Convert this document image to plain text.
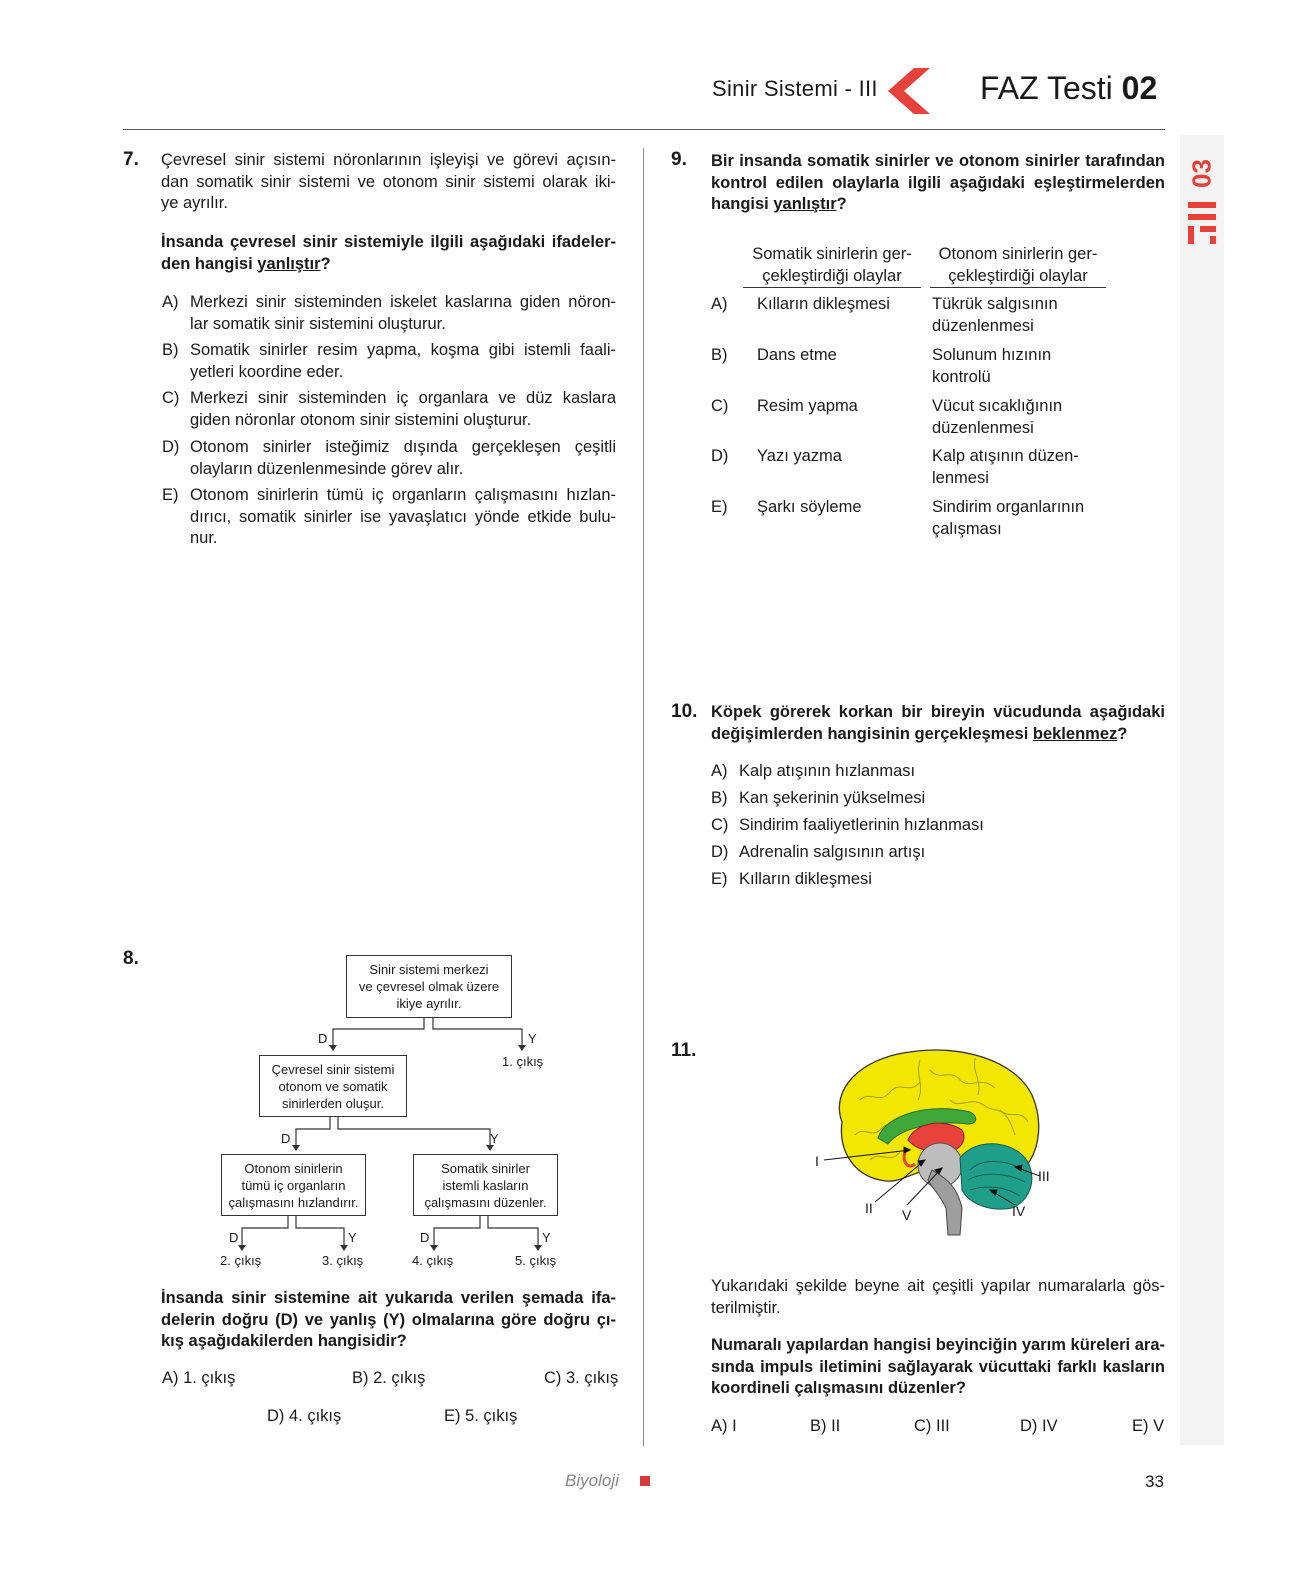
Sinir Sistemi - III	FAZ Testi 02
03
7. Çevresel sinir sistemi nöronlarının işleyişi ve görevi açısın-
dan somatik sinir sistemi ve otonom sinir sistemi olarak iki-
ye ayrılır.
İnsanda çevresel sinir sistemiyle ilgili aşağıdaki ifadeler-
den hangisi yanlıştır?
A) Merkezi sinir sisteminden iskelet kaslarına giden nöron-
lar somatik sinir sistemini oluşturur.
B) Somatik sinirler resim yapma, koşma gibi istemli faali-
yetleri koordine eder.
C) Merkezi sinir sisteminden iç organlara ve düz kaslara
giden nöronlar otonom sinir sistemini oluşturur.
D) Otonom sinirler isteğimiz dışında gerçekleşen çeşitli
olayların düzenlenmesinde görev alır.
E) Otonom sinirlerin tümü iç organların çalışmasını hızlan-
dırıcı, somatik sinirler ise yavaşlatıcı yönde etkide bulu-
nur.
8.
Sinir sistemi merkezi
ve çevresel olmak üzere
ikiye ayrılır.
Çevresel sinir sistemi
otonom ve somatik
sinirlerden oluşur.
Otonom sinirlerin
tümü iç organların
çalışmasını hızlandırır.
Somatik sinirler
istemli kasların
çalışmasını düzenler.
D	Y
1. çıkış
D	Y
D	Y	D	Y
2. çıkış	3. çıkış	4. çıkış	5. çıkış
İnsanda sinir sistemine ait yukarıda verilen şemada ifa-
delerin doğru (D) ve yanlış (Y) olmalarına göre doğru çı-
kış aşağıdakilerden hangisidir?
A) 1. çıkış	B) 2. çıkış	C) 3. çıkış
D) 4. çıkış	E) 5. çıkış
9. Bir insanda somatik sinirler ve otonom sinirler tarafından
kontrol edilen olaylarla ilgili aşağıdaki eşleştirmelerden
hangisi yanlıştır?
Somatik sinirlerin ger-
çekleştirdiği olaylar
Otonom sinirlerin ger-
çekleştirdiği olaylar
A) Kılların dikleşmesi	Tükrük salgısının
düzenlenmesi
B) Dans etme	Solunum hızının
kontrolü
C) Resim yapma	Vücut sıcaklığının
düzenlenmesi
D) Yazı yazma	Kalp atışının düzen-
lenmesi
E) Şarkı söyleme	Sindirim organlarının
çalışması
10. Köpek görerek korkan bir bireyin vücudunda aşağıdaki
değişimlerden hangisinin gerçekleşmesi beklenmez?
A) Kalp atışının hızlanması
B) Kan şekerinin yükselmesi
C) Sindirim faaliyetlerinin hızlanması
D) Adrenalin salgısının artışı
E) Kılların dikleşmesi
11.
I
II
III
IV
V
Yukarıdaki şekilde beyne ait çeşitli yapılar numaralarla gös-
terilmiştir.
Numaralı yapılardan hangisi beyinciğin yarım küreleri ara-
sında impuls iletimini sağlayarak vücuttaki farklı kasların
koordineli çalışmasını düzenler?
A) I	B) II	C) III	D) IV	E) V
Biyoloji	33
